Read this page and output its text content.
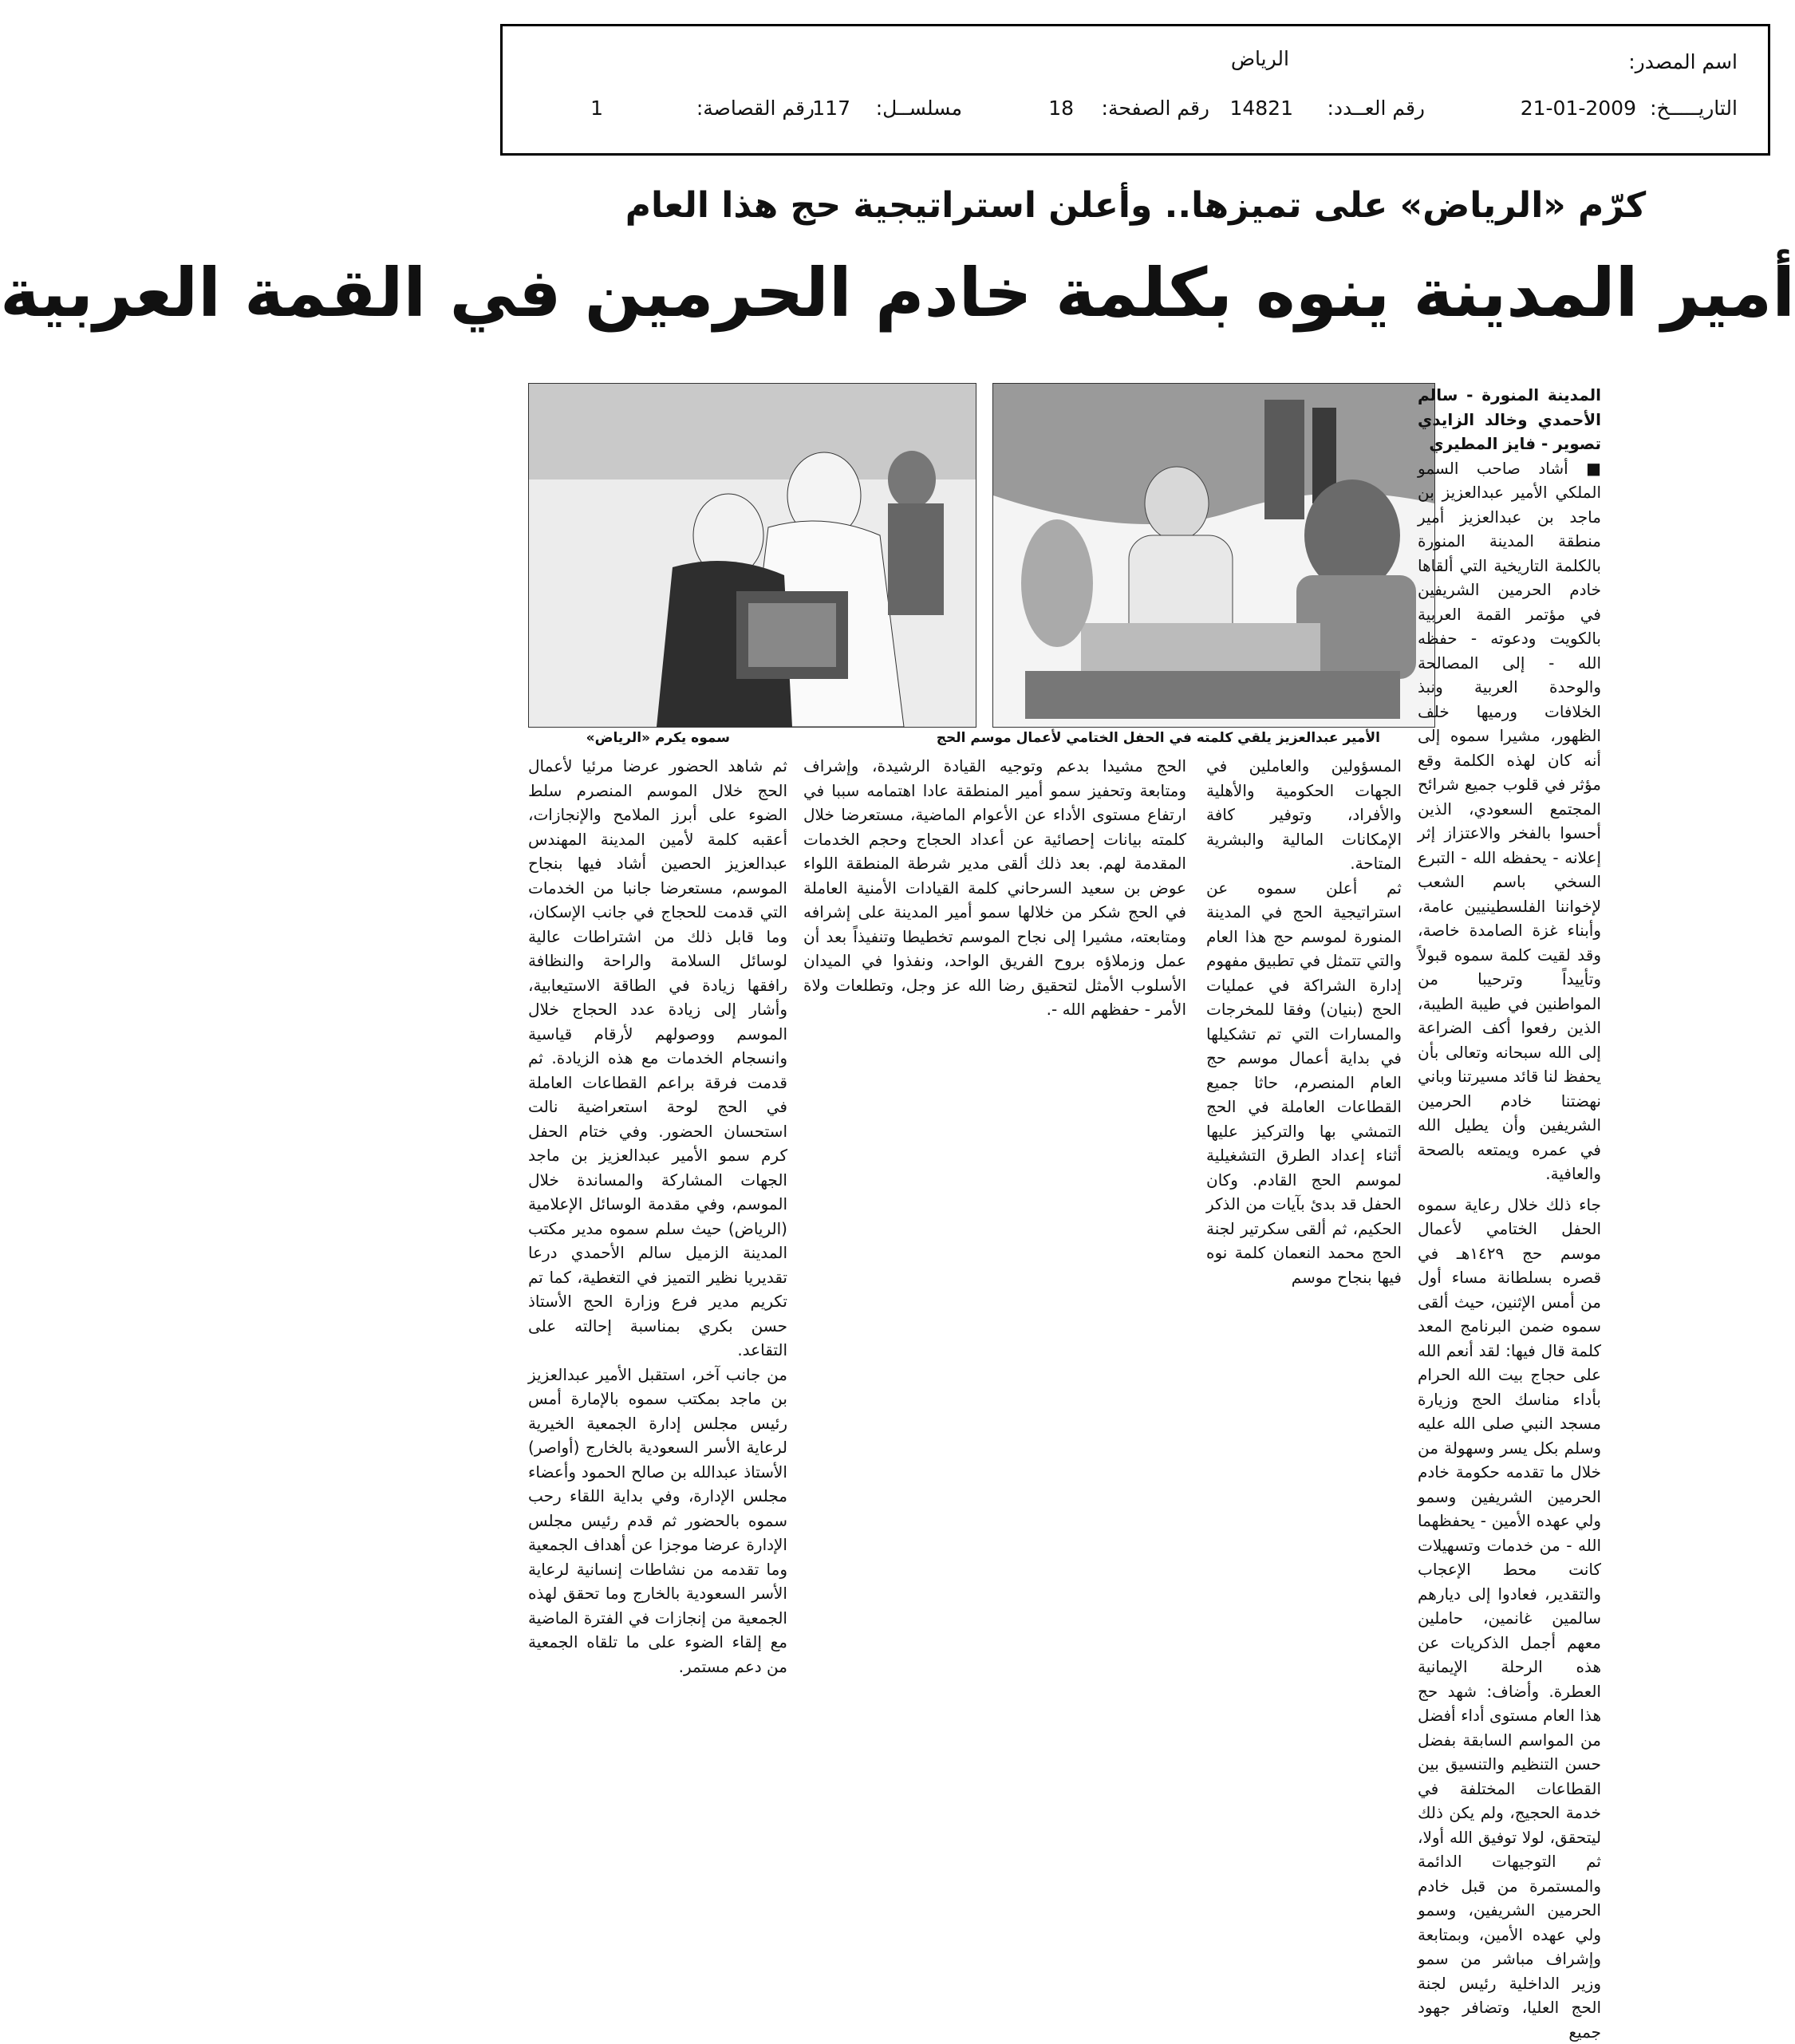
اسم المصدر:
الرياض
التاريـــــخ:
21-01-2009
رقم العــدد:
14821
رقم الصفحة:
18
مسلســل:
117
رقم القصاصة:
1
كرّم «الرياض» على تميزها.. وأعلن استراتيجية حج هذا العام
أمير المدينة ينوه بكلمة خادم الحرمين في القمة العربية
الأمير عبدالعزيز يلقي كلمته في الحفل الختامي لأعمال موسم الحج
سموه يكرم «الرياض»

المدينة المنورة - سالم الأحمدي وخالد الزايدي تصوير - فايز المطيري

■ أشاد صاحب السمو الملكي الأمير عبدالعزيز بن ماجد بن عبدالعزيز أمير منطقة المدينة المنورة بالكلمة التاريخية التي ألقاها خادم الحرمين الشريفين في مؤتمر القمة العربية بالكويت ودعوته - حفظه الله - إلى المصالحة والوحدة العربية ونبذ الخلافات ورميها خلف الظهور، مشيرا سموه إلى أنه كان لهذه الكلمة وقع مؤثر في قلوب جميع شرائح المجتمع السعودي، الذين أحسوا بالفخر والاعتزاز إثر إعلانه - يحفظه الله - التبرع السخي باسم الشعب لإخواننا الفلسطينيين عامة، وأبناء غزة الصامدة خاصة، وقد لقيت كلمة سموه قبولاً وتأييداً وترحيبا من المواطنين في طيبة الطيبة، الذين رفعوا أكف الضراعة إلى الله سبحانه وتعالى بأن يحفظ لنا قائد مسيرتنا وباني نهضتنا خادم الحرمين الشريفين وأن يطيل الله في عمره ويمتعه بالصحة والعافية.

جاء ذلك خلال رعاية سموه الحفل الختامي لأعمال موسم حج ١٤٢٩هـ في قصره بسلطانة مساء أول من أمس الإثنين، حيث ألقى سموه ضمن البرنامج المعد كلمة قال فيها: لقد أنعم الله على حجاج بيت الله الحرام بأداء مناسك الحج وزيارة مسجد النبي صلى الله عليه وسلم بكل يسر وسهولة من خلال ما تقدمه حكومة خادم الحرمين الشريفين وسمو ولي عهده الأمين - يحفظهما الله - من خدمات وتسهيلات كانت محط الإعجاب والتقدير، فعادوا إلى ديارهم سالمين غانمين، حاملين معهم أجمل الذكريات عن هذه الرحلة الإيمانية العطرة. وأضاف: شهد حج هذا العام مستوى أداء أفضل من المواسم السابقة بفضل حسن التنظيم والتنسيق بين القطاعات المختلفة في خدمة الحجيج، ولم يكن ذلك ليتحقق، لولا توفيق الله أولا، ثم التوجيهات الدائمة والمستمرة من قبل خادم الحرمين الشريفين، وسمو ولي عهده الأمين، وبمتابعة وإشراف مباشر من سمو وزير الداخلية رئيس لجنة الحج العليا، وتضافر جهود جميع

المسؤولين والعاملين في الجهات الحكومية والأهلية والأفراد، وتوفير كافة الإمكانات المالية والبشرية المتاحة.

ثم أعلن سموه عن استراتيجية الحج في المدينة المنورة لموسم حج هذا العام والتي تتمثل في تطبيق مفهوم إدارة الشراكة في عمليات الحج (بنيان) وفقا للمخرجات والمسارات التي تم تشكيلها في بداية أعمال موسم حج العام المنصرم، حاثا جميع القطاعات العاملة في الحج التمشي بها والتركيز عليها أثناء إعداد الطرق التشغيلية لموسم الحج القادم. وكان الحفل قد بدئ بآيات من الذكر الحكيم، ثم ألقى سكرتير لجنة الحج محمد النعمان كلمة نوه فيها بنجاح موسم

الحج مشيدا بدعم وتوجيه القيادة الرشيدة، وإشراف ومتابعة وتحفيز سمو أمير المنطقة عادا اهتمامه سببا في ارتفاع مستوى الأداء عن الأعوام الماضية، مستعرضا خلال كلمته بيانات إحصائية عن أعداد الحجاج وحجم الخدمات المقدمة لهم. بعد ذلك ألقى مدير شرطة المنطقة اللواء عوض بن سعيد السرحاني كلمة القيادات الأمنية العاملة في الحج شكر من خلالها سمو أمير المدينة على إشرافه ومتابعته، مشيرا إلى نجاح الموسم تخطيطا وتنفيذاً بعد أن عمل وزملاؤه بروح الفريق الواحد، ونفذوا في الميدان الأسلوب الأمثل لتحقيق رضا الله عز وجل، وتطلعات ولاة الأمر - حفظهم الله -.

ثم شاهد الحضور عرضا مرئيا لأعمال الحج خلال الموسم المنصرم سلط الضوء على أبرز الملامح والإنجازات، أعقبه كلمة لأمين المدينة المهندس عبدالعزيز الحصين أشاد فيها بنجاح الموسم، مستعرضا جانبا من الخدمات التي قدمت للحجاج في جانب الإسكان، وما قابل ذلك من اشتراطات عالية لوسائل السلامة والراحة والنظافة رافقها زيادة في الطاقة الاستيعابية، وأشار إلى زيادة عدد الحجاج خلال الموسم ووصولهم لأرقام قياسية وانسجام الخدمات مع هذه الزيادة. ثم قدمت فرقة براعم القطاعات العاملة في الحج لوحة استعراضية نالت استحسان الحضور. وفي ختام الحفل كرم سمو الأمير عبدالعزيز بن ماجد الجهات المشاركة والمساندة خلال الموسم، وفي مقدمة الوسائل الإعلامية (الرياض) حيث سلم سموه مدير مكتب المدينة الزميل سالم الأحمدي درعا تقديريا نظير التميز في التغطية، كما تم تكريم مدير فرع وزارة الحج الأستاذ حسن بكري بمناسبة إحالته على التقاعد.

من جانب آخر، استقبل الأمير عبدالعزيز بن ماجد بمكتب سموه بالإمارة أمس رئيس مجلس إدارة الجمعية الخيرية لرعاية الأسر السعودية بالخارج (أواصر) الأستاذ عبدالله بن صالح الحمود وأعضاء مجلس الإدارة، وفي بداية اللقاء رحب سموه بالحضور ثم قدم رئيس مجلس الإدارة عرضا موجزا عن أهداف الجمعية وما تقدمه من نشاطات إنسانية لرعاية الأسر السعودية بالخارج وما تحقق لهذه الجمعية من إنجازات في الفترة الماضية مع إلقاء الضوء على ما تلقاه الجمعية من دعم مستمر.
